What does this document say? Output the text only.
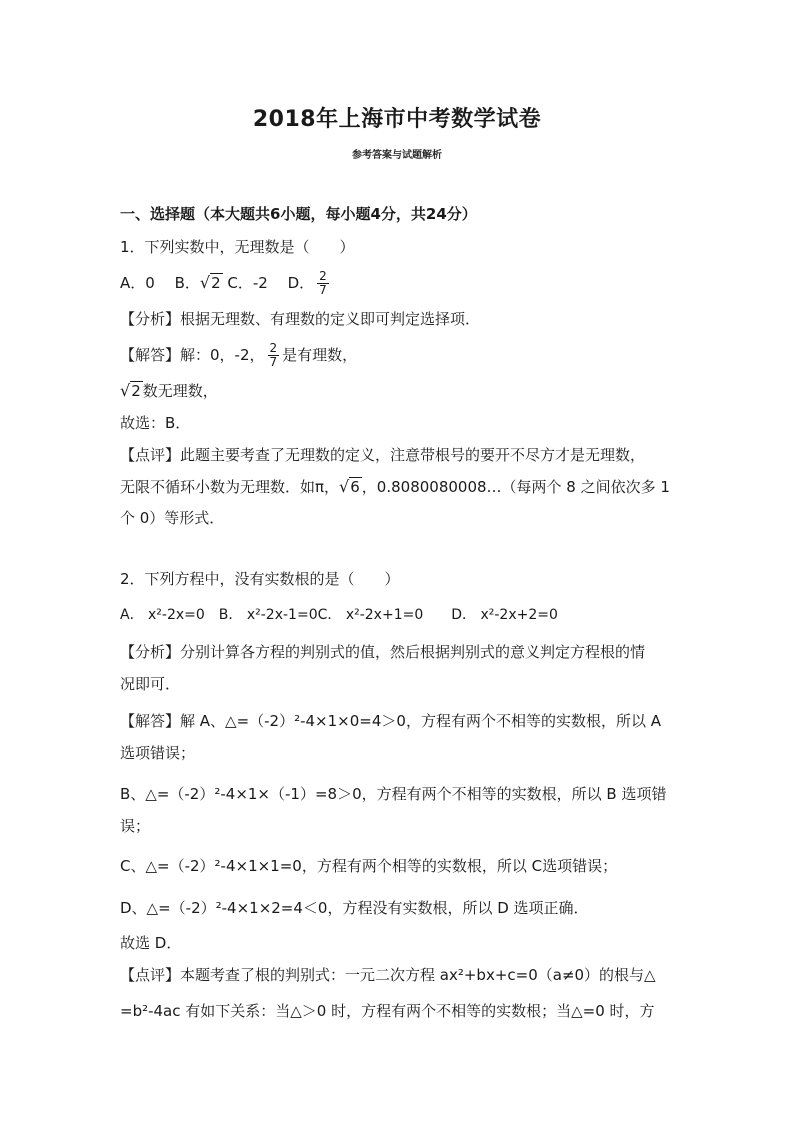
2018年上海市中考数学试卷
参考答案与试题解析
一、选择题（本大题共6小题，每小题4分，共24分）
1．下列实数中，无理数是（　　）
A．0　 B．√2 C．-2　 D． $\frac{2}{7}$
【分析】根据无理数、有理数的定义即可判定选择项．
【解答】解：0，-2， $\frac{2}{7}$ 是有理数，
√2 数无理数，
故选：B．
【点评】此题主要考查了无理数的定义，注意带根号的要开不尽方才是无理数，
无限不循环小数为无理数．如π，√6 ，0.8080080008…（每两个 8 之间依次多 1
个 0）等形式．
2．下列方程中，没有实数根的是（　　）
A． x²-2x=0　B． x²-2x-1=0C． x²-2x+1=0　　D． x²-2x+2=0
【分析】分别计算各方程的判别式的值，然后根据判别式的意义判定方程根的情
况即可．
【解答】解 A、△=（-2）²-4×1×0=4＞0，方程有两个不相等的实数根，所以 A
选项错误；
B、△=（-2）²-4×1×（-1）=8＞0，方程有两个不相等的实数根，所以 B 选项错
误；
C、△=（-2）²-4×1×1=0，方程有两个相等的实数根，所以 C选项错误；
D、△=（-2）²-4×1×2=4＜0，方程没有实数根，所以 D 选项正确．
故选 D．
【点评】本题考查了根的判别式：一元二次方程 ax²+bx+c=0（a≠0）的根与△
=b²-4ac 有如下关系：当△＞0 时，方程有两个不相等的实数根；当△=0 时，方
